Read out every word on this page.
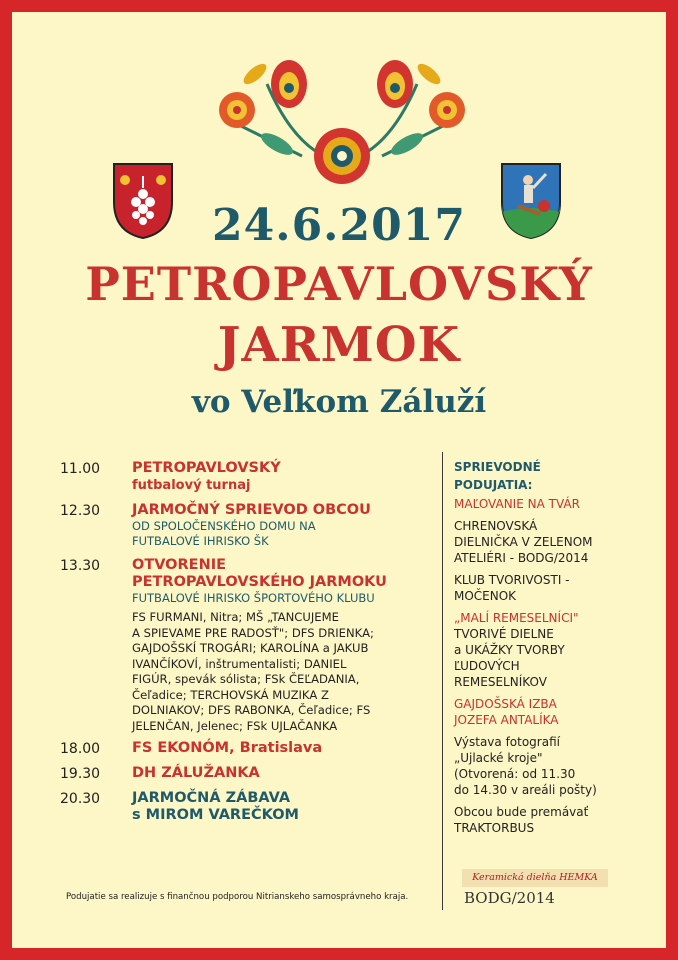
24.6.2017
PETROPAVLOVSKÝ
JARMOK
vo Veľkom Záluží
11.00	PETROPAVLOVSKÝ
futbalový turnaj
12.30	JARMOČNÝ SPRIEVOD OBCOU
OD SPOLOČENSKÉHO DOMU NA
FUTBALOVÉ IHRISKO ŠK
13.30	OTVORENIE
PETROPAVLOVSKÉHO JARMOKU
FUTBALOVÉ IHRISKO ŠPORTOVÉHO KLUBU
FS FURMANI, Nitra; MŠ „TANCUJEME
A SPIEVAME PRE RADOSŤ"; DFS DRIENKA;
GAJDOŠSKÍ TROGÁRI; KAROLÍNA a JAKUB
IVANČÍKOVÍ, inštrumentalisti; DANIEL
FIGÚR, spevák sólista; FSk ČEĽADANIA,
Čeľadice; TERCHOVSKÁ MUZIKA Z
DOLNIAKOV; DFS RABONKA, Čeľadice; FS
JELENČAN, Jelenec; FSk UJLAČANKA
18.00	FS EKONÓM, Bratislava
19.30	DH ZÁLUŽANKA
20.30	JARMOČNÁ ZÁBAVA
s MIROM VAREČKOM
SPRIEVODNÉ
PODUJATIA:
MAĽOVANIE NA TVÁR
CHRENOVSKÁ
DIELNIČKA V ZELENOM
ATELIÉRI - BODG/2014
KLUB TVORIVOSTI -
MOČENOK
„MALÍ REMESELNÍCI"
TVORIVÉ DIELNE
a UKÁŽKY TVORBY
ĽUDOVÝCH
REMESELNÍKOV
GAJDOŠSKÁ IZBA
JOZEFA ANTALÍKA
Výstava fotografií
„Ujlacké kroje"
(Otvorená: od 11.30
do 14.30 v areáli pošty)
Obcou bude premávať
TRAKTORBUS
Podujatie sa realizuje s finančnou podporou Nitrianskeho samosprávneho kraja.
Keramická dielňa HEMKA
BODG/2014
